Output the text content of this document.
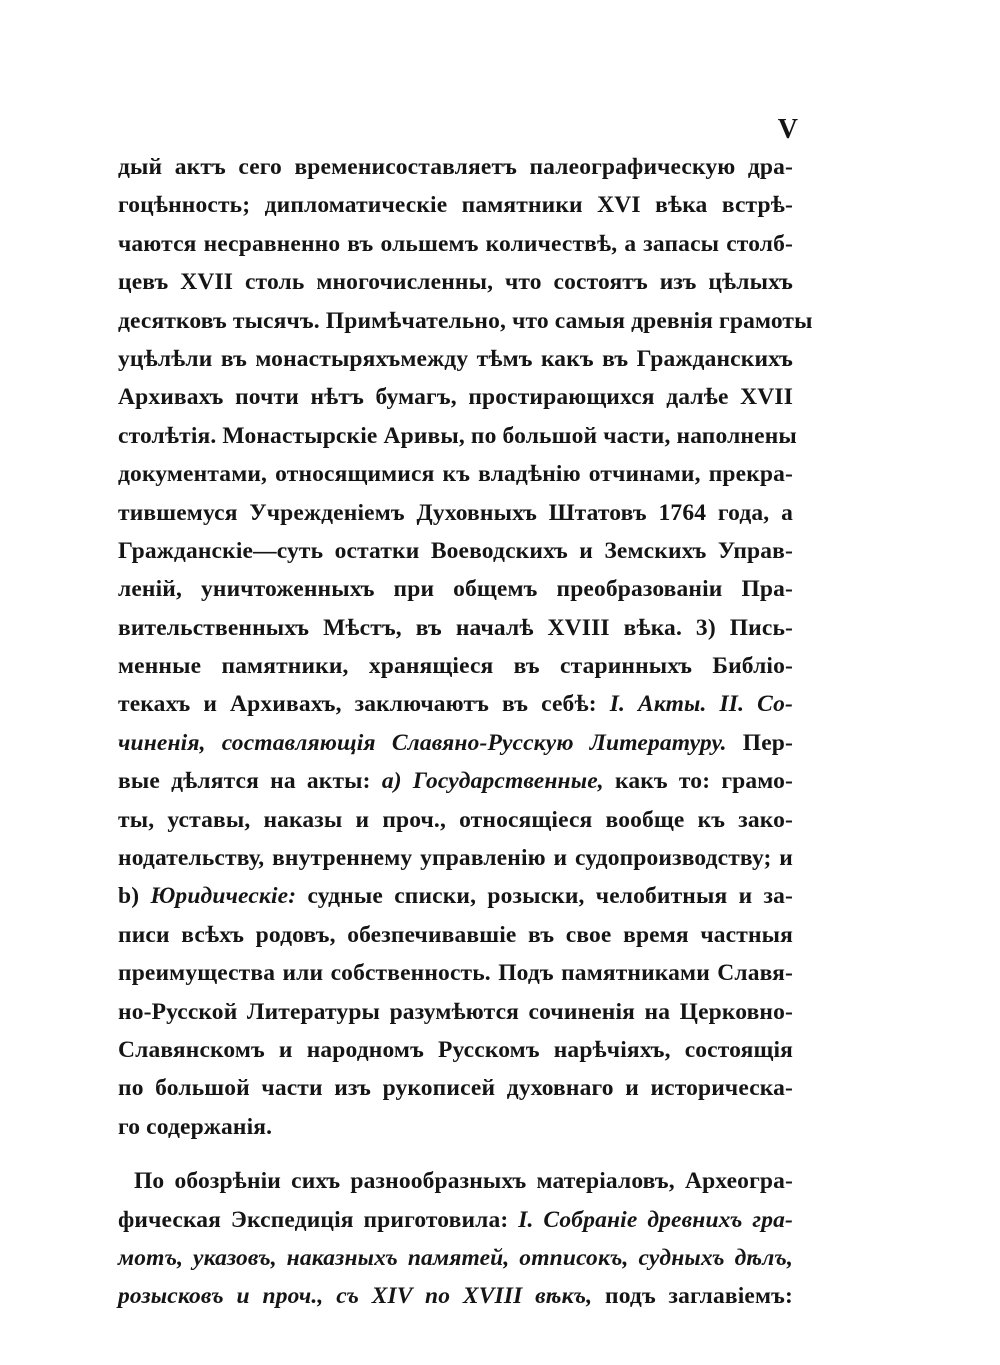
V
дый актъ сего временисоставляетъ палеографическую дра-
гоцѣнность; дипломатическіе памятники XVI вѣка встрѣ-
чаются несравненно въ ольшемъ количествѣ, а запасы столб-
цевъ XVII столь многочисленны, что состоятъ изъ цѣлыхъ
десятковъ тысячъ. Примѣчательно, что самыя древнія грамоты
уцѣлѣли въ монастыряхъмежду тѣмъ какъ въ Гражданскихъ
Архивахъ почти нѣтъ бумагъ, простирающихся далѣе XVII
столѣтія. Монастырскіе Аривы, по большой части, наполнены
документами, относящимися къ владѣнію отчинами, прекра-
тившемуся Учрежденіемъ Духовныхъ Штатовъ 1764 года, а
Гражданскіе—суть остатки Воеводскихъ и Земскихъ Управ-
леній, уничтоженныхъ при общемъ преобразованіи Пра-
вительственныхъ Мѣстъ, въ началѣ XVIII вѣка. 3) Пись-
менные памятники, хранящіеся въ старинныхъ Библіо-
текахъ и Архивахъ, заключаютъ въ себѣ: I. Акты. II. Со-
чиненія, составляющія Славяно-Русскую Литературу. Пер-
вые дѣлятся на акты: а) Государственные, какъ то: грамо-
ты, уставы, наказы и проч., относящіеся вообще къ зако-
нодательству, внутреннему управленію и судопроизводству; и
b) Юридическіе: судные списки, розыски, челобитныя и за-
писи всѣхъ родовъ, обезпечивавшіе въ свое время частныя
преимущества или собственность. Подъ памятниками Славя-
но-Русской Литературы разумѣются сочиненія на Церковно-
Славянскомъ и народномъ Русскомъ нарѣчіяхъ, состоящія
по большой части изъ рукописей духовнаго и историческа-
го содержанія.
По обозрѣніи сихъ разнообразныхъ матеріаловъ, Археогра-
фическая Экспедиція приготовила: I. Собраніе древнихъ гра-
мотъ, указовъ, наказныхъ памятей, отписокъ, судныхъ дѣлъ,
розысковъ и проч., съ XIV по XVIII вѣкъ, подъ заглавіемъ:
